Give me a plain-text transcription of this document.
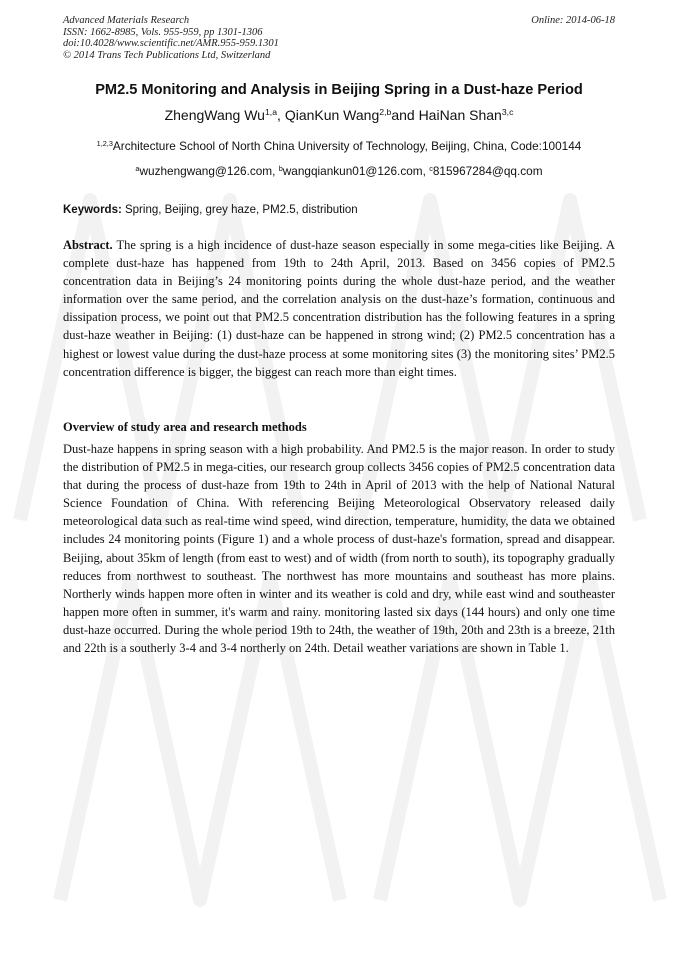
Advanced Materials Research
ISSN: 1662-8985, Vols. 955-959, pp 1301-1306
doi:10.4028/www.scientific.net/AMR.955-959.1301
© 2014 Trans Tech Publications Ltd, Switzerland
Online: 2014-06-18
PM2.5 Monitoring and Analysis in Beijing Spring in a Dust-haze Period
ZhengWang Wu$^{1,a}$, QianKun Wang$^{2,b}$and HaiNan Shan$^{3,c}$
$^{1,2,3}$Architecture School of North China University of Technology, Beijing, China, Code:100144
$^a$wuzhengwang@126.com, $^b$wangqiankun01@126.com, $^c$815967284@qq.com
Keywords: Spring, Beijing, grey haze, PM2.5, distribution

Abstract. The spring is a high incidence of dust-haze season especially in some mega-cities like Beijing. A complete dust-haze has happened from 19th to 24th April, 2013. Based on 3456 copies of PM2.5 concentration data in Beijing’s 24 monitoring points during the whole dust-haze period, and the weather information over the same period, and the correlation analysis on the dust-haze’s formation, continuous and dissipation process, we point out that PM2.5 concentration distribution has the following features in a spring dust-haze weather in Beijing: (1) dust-haze can be happened in strong wind; (2) PM2.5 concentration has a highest or lowest value during the dust-haze process at some monitoring sites (3) the monitoring sites’ PM2.5 concentration difference is bigger, the biggest can reach more than eight times.

Overview of study area and research methods

Dust-haze happens in spring season with a high probability. And PM2.5 is the major reason. In order to study the distribution of PM2.5 in mega-cities, our research group collects 3456 copies of PM2.5 concentration data that during the process of dust-haze from 19th to 24th in April of 2013 with the help of National Natural Science Foundation of China. With referencing Beijing Meteorological Observatory released daily meteorological data such as real-time wind speed, wind direction, temperature, humidity, the data we obtained includes 24 monitoring points (Figure 1) and a whole process of dust-haze's formation, spread and disappear. Beijing, about 35km of length (from east to west) and of width (from north to south), its topography gradually reduces from northwest to southeast. The northwest has more mountains and southeast has more plains. Northerly winds happen more often in winter and its weather is cold and dry, while east wind and southeaster happen more often in summer, it's warm and rainy. monitoring lasted six days (144 hours) and only one time dust-haze occurred. During the whole period 19th to 24th, the weather of 19th, 20th and 23th is a breeze, 21th and 22th is a southerly 3-4 and 3-4 northerly on 24th. Detail weather variations are shown in Table 1.
